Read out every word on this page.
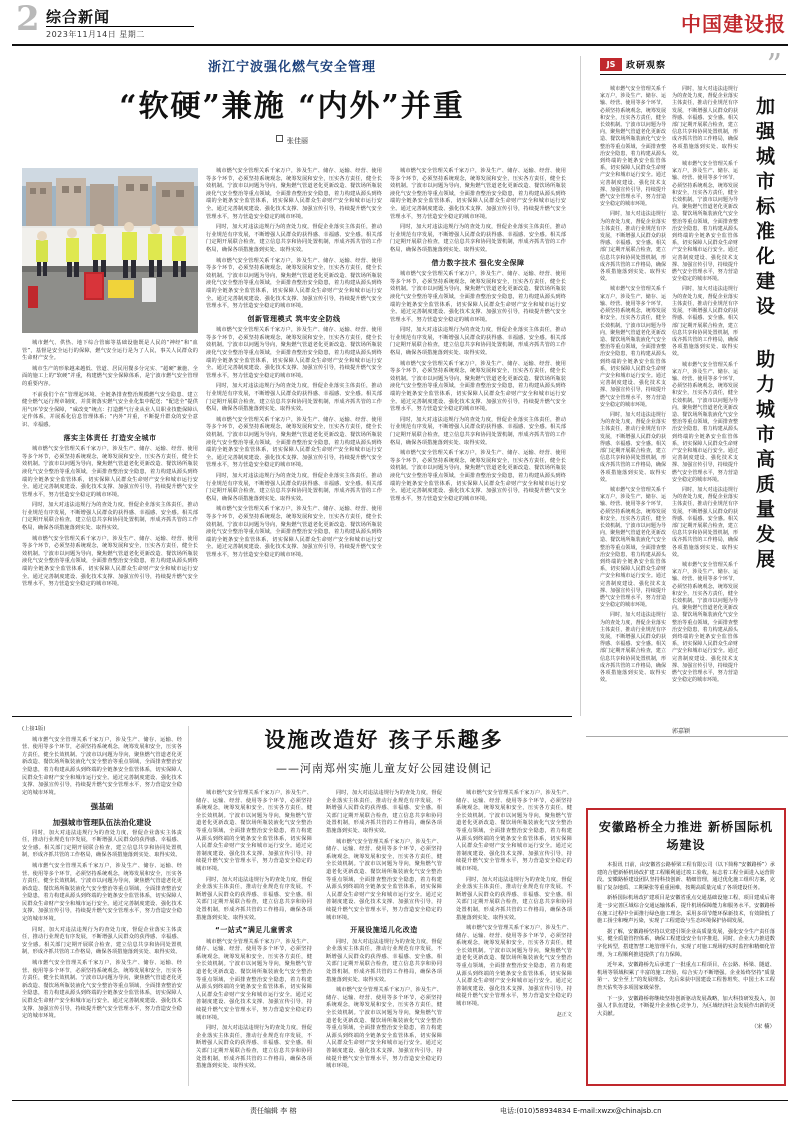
2 综合新闻
2023年11月14日 星期二	中国建设报
浙江宁波强化燃气安全管理
“软硬”兼施 “内外”并重
张佳丽

城市燃气、供热、地下综合管廊等基础设施既是人民的“神经”和“血管”，基督是安全运行的保障，燃气安全运行是为了人民，事关人民群众的生命财产安全。

城市生产的形象越来越低、管道、居民用餐多分完实、“超硬”兼施、全面的施工上的“软硬”并重，构建燃气安全保障体系，是宁波市燃气安全管理的重要内容。

不前我们个在“管理起环境、全链条排查整治规模燃气安全隐患、建立健全燃气运行规章制度，并贯彻落实燃气安全业化集中配送；“配送全”提供用气环节安全保障，“威改变”统点：打造燃气行业从业人员职业技能保障认定作体系，并展系化信息管理体系；“内外”并重，不断提升群众的安全意识、幸福感。

落实主体责任 打造安全城市

城市燃气安全管理关系千家万户，涉及生产、储存、运输、经营、使用等多个环节，必须坚持系统观念，统筹发展和安全，压实各方责任，健全长效机制。宁波市以问题为导向，聚焦燃气管道老化更新改造、餐饮场所瓶装液化气安全整治等重点领域，全面排查整治安全隐患，着力构建从源头到终端的全链条安全监管体系，切实保障人民群众生命财产安全和城市运行安全。通过完善制度建设、强化技术支撑、加强宣传引导，持续提升燃气安全管理水平，努力营造安全稳定的城市环境。

同时，加大对违法违规行为的查处力度，督促企业落实主体责任，推动行业规范有序发展，不断增强人民群众的获得感、幸福感、安全感。相关部门定期开展联合检查，建立信息共享和协同处置机制，形成齐抓共管的工作格局，确保各项措施落到实处、取得实效。

城市燃气安全管理关系千家万户，涉及生产、储存、运输、经营、使用等多个环节，必须坚持系统观念，统筹发展和安全，压实各方责任，健全长效机制。宁波市以问题为导向，聚焦燃气管道老化更新改造、餐饮场所瓶装液化气安全整治等重点领域，全面排查整治安全隐患，着力构建从源头到终端的全链条安全监管体系，切实保障人民群众生命财产安全和城市运行安全。通过完善制度建设、强化技术支撑、加强宣传引导，持续提升燃气安全管理水平，努力营造安全稳定的城市环境。

城市燃气安全管理关系千家万户，涉及生产、储存、运输、经营、使用等多个环节，必须坚持系统观念，统筹发展和安全，压实各方责任，健全长效机制。宁波市以问题为导向，聚焦燃气管道老化更新改造、餐饮场所瓶装液化气安全整治等重点领域，全面排查整治安全隐患，着力构建从源头到终端的全链条安全监管体系，切实保障人民群众生命财产安全和城市运行安全。通过完善制度建设、强化技术支撑、加强宣传引导，持续提升燃气安全管理水平，努力营造安全稳定的城市环境。

同时，加大对违法违规行为的查处力度，督促企业落实主体责任，推动行业规范有序发展，不断增强人民群众的获得感、幸福感、安全感。相关部门定期开展联合检查，建立信息共享和协同处置机制，形成齐抓共管的工作格局，确保各项措施落到实处、取得实效。

城市燃气安全管理关系千家万户，涉及生产、储存、运输、经营、使用等多个环节，必须坚持系统观念，统筹发展和安全，压实各方责任，健全长效机制。宁波市以问题为导向，聚焦燃气管道老化更新改造、餐饮场所瓶装液化气安全整治等重点领域，全面排查整治安全隐患，着力构建从源头到终端的全链条安全监管体系，切实保障人民群众生命财产安全和城市运行安全。通过完善制度建设、强化技术支撑、加强宣传引导，持续提升燃气安全管理水平，努力营造安全稳定的城市环境。

创新管理模式 筑牢安全防线

城市燃气安全管理关系千家万户，涉及生产、储存、运输、经营、使用等多个环节，必须坚持系统观念，统筹发展和安全，压实各方责任，健全长效机制。宁波市以问题为导向，聚焦燃气管道老化更新改造、餐饮场所瓶装液化气安全整治等重点领域，全面排查整治安全隐患，着力构建从源头到终端的全链条安全监管体系，切实保障人民群众生命财产安全和城市运行安全。通过完善制度建设、强化技术支撑、加强宣传引导，持续提升燃气安全管理水平，努力营造安全稳定的城市环境。

同时，加大对违法违规行为的查处力度，督促企业落实主体责任，推动行业规范有序发展，不断增强人民群众的获得感、幸福感、安全感。相关部门定期开展联合检查，建立信息共享和协同处置机制，形成齐抓共管的工作格局，确保各项措施落到实处、取得实效。

城市燃气安全管理关系千家万户，涉及生产、储存、运输、经营、使用等多个环节，必须坚持系统观念，统筹发展和安全，压实各方责任，健全长效机制。宁波市以问题为导向，聚焦燃气管道老化更新改造、餐饮场所瓶装液化气安全整治等重点领域，全面排查整治安全隐患，着力构建从源头到终端的全链条安全监管体系，切实保障人民群众生命财产安全和城市运行安全。通过完善制度建设、强化技术支撑、加强宣传引导，持续提升燃气安全管理水平，努力营造安全稳定的城市环境。

同时，加大对违法违规行为的查处力度，督促企业落实主体责任，推动行业规范有序发展，不断增强人民群众的获得感、幸福感、安全感。相关部门定期开展联合检查，建立信息共享和协同处置机制，形成齐抓共管的工作格局，确保各项措施落到实处、取得实效。

城市燃气安全管理关系千家万户，涉及生产、储存、运输、经营、使用等多个环节，必须坚持系统观念，统筹发展和安全，压实各方责任，健全长效机制。宁波市以问题为导向，聚焦燃气管道老化更新改造、餐饮场所瓶装液化气安全整治等重点领域，全面排查整治安全隐患，着力构建从源头到终端的全链条安全监管体系，切实保障人民群众生命财产安全和城市运行安全。通过完善制度建设、强化技术支撑、加强宣传引导，持续提升燃气安全管理水平，努力营造安全稳定的城市环境。

城市燃气安全管理关系千家万户，涉及生产、储存、运输、经营、使用等多个环节，必须坚持系统观念，统筹发展和安全，压实各方责任，健全长效机制。宁波市以问题为导向，聚焦燃气管道老化更新改造、餐饮场所瓶装液化气安全整治等重点领域，全面排查整治安全隐患，着力构建从源头到终端的全链条安全监管体系，切实保障人民群众生命财产安全和城市运行安全。通过完善制度建设、强化技术支撑、加强宣传引导，持续提升燃气安全管理水平，努力营造安全稳定的城市环境。

同时，加大对违法违规行为的查处力度，督促企业落实主体责任，推动行业规范有序发展，不断增强人民群众的获得感、幸福感、安全感。相关部门定期开展联合检查，建立信息共享和协同处置机制，形成齐抓共管的工作格局，确保各项措施落到实处、取得实效。

借力数字技术 强化安全保障

城市燃气安全管理关系千家万户，涉及生产、储存、运输、经营、使用等多个环节，必须坚持系统观念，统筹发展和安全，压实各方责任，健全长效机制。宁波市以问题为导向，聚焦燃气管道老化更新改造、餐饮场所瓶装液化气安全整治等重点领域，全面排查整治安全隐患，着力构建从源头到终端的全链条安全监管体系，切实保障人民群众生命财产安全和城市运行安全。通过完善制度建设、强化技术支撑、加强宣传引导，持续提升燃气安全管理水平，努力营造安全稳定的城市环境。

同时，加大对违法违规行为的查处力度，督促企业落实主体责任，推动行业规范有序发展，不断增强人民群众的获得感、幸福感、安全感。相关部门定期开展联合检查，建立信息共享和协同处置机制，形成齐抓共管的工作格局，确保各项措施落到实处、取得实效。

城市燃气安全管理关系千家万户，涉及生产、储存、运输、经营、使用等多个环节，必须坚持系统观念，统筹发展和安全，压实各方责任，健全长效机制。宁波市以问题为导向，聚焦燃气管道老化更新改造、餐饮场所瓶装液化气安全整治等重点领域，全面排查整治安全隐患，着力构建从源头到终端的全链条安全监管体系，切实保障人民群众生命财产安全和城市运行安全。通过完善制度建设、强化技术支撑、加强宣传引导，持续提升燃气安全管理水平，努力营造安全稳定的城市环境。

同时，加大对违法违规行为的查处力度，督促企业落实主体责任，推动行业规范有序发展，不断增强人民群众的获得感、幸福感、安全感。相关部门定期开展联合检查，建立信息共享和协同处置机制，形成齐抓共管的工作格局，确保各项措施落到实处、取得实效。

城市燃气安全管理关系千家万户，涉及生产、储存、运输、经营、使用等多个环节，必须坚持系统观念，统筹发展和安全，压实各方责任，健全长效机制。宁波市以问题为导向，聚焦燃气管道老化更新改造、餐饮场所瓶装液化气安全整治等重点领域，全面排查整治安全隐患，着力构建从源头到终端的全链条安全监管体系，切实保障人民群众生命财产安全和城市运行安全。通过完善制度建设、强化技术支撑、加强宣传引导，持续提升燃气安全管理水平，努力营造安全稳定的城市环境。

JS	政研观察	”
加强城市标准化建设 助力城市高质量发展

城市燃气安全管理关系千家万户，涉及生产、储存、运输、经营、使用等多个环节，必须坚持系统观念，统筹发展和安全，压实各方责任，健全长效机制。宁波市以问题为导向，聚焦燃气管道老化更新改造、餐饮场所瓶装液化气安全整治等重点领域，全面排查整治安全隐患，着力构建从源头到终端的全链条安全监管体系，切实保障人民群众生命财产安全和城市运行安全。通过完善制度建设、强化技术支撑、加强宣传引导，持续提升燃气安全管理水平，努力营造安全稳定的城市环境。

同时，加大对违法违规行为的查处力度，督促企业落实主体责任，推动行业规范有序发展，不断增强人民群众的获得感、幸福感、安全感。相关部门定期开展联合检查，建立信息共享和协同处置机制，形成齐抓共管的工作格局，确保各项措施落到实处、取得实效。

城市燃气安全管理关系千家万户，涉及生产、储存、运输、经营、使用等多个环节，必须坚持系统观念，统筹发展和安全，压实各方责任，健全长效机制。宁波市以问题为导向，聚焦燃气管道老化更新改造、餐饮场所瓶装液化气安全整治等重点领域，全面排查整治安全隐患，着力构建从源头到终端的全链条安全监管体系，切实保障人民群众生命财产安全和城市运行安全。通过完善制度建设、强化技术支撑、加强宣传引导，持续提升燃气安全管理水平，努力营造安全稳定的城市环境。

同时，加大对违法违规行为的查处力度，督促企业落实主体责任，推动行业规范有序发展，不断增强人民群众的获得感、幸福感、安全感。相关部门定期开展联合检查，建立信息共享和协同处置机制，形成齐抓共管的工作格局，确保各项措施落到实处、取得实效。

城市燃气安全管理关系千家万户，涉及生产、储存、运输、经营、使用等多个环节，必须坚持系统观念，统筹发展和安全，压实各方责任，健全长效机制。宁波市以问题为导向，聚焦燃气管道老化更新改造、餐饮场所瓶装液化气安全整治等重点领域，全面排查整治安全隐患，着力构建从源头到终端的全链条安全监管体系，切实保障人民群众生命财产安全和城市运行安全。通过完善制度建设、强化技术支撑、加强宣传引导，持续提升燃气安全管理水平，努力营造安全稳定的城市环境。

同时，加大对违法违规行为的查处力度，督促企业落实主体责任，推动行业规范有序发展，不断增强人民群众的获得感、幸福感、安全感。相关部门定期开展联合检查，建立信息共享和协同处置机制，形成齐抓共管的工作格局，确保各项措施落到实处、取得实效。

同时，加大对违法违规行为的查处力度，督促企业落实主体责任，推动行业规范有序发展，不断增强人民群众的获得感、幸福感、安全感。相关部门定期开展联合检查，建立信息共享和协同处置机制，形成齐抓共管的工作格局，确保各项措施落到实处、取得实效。

城市燃气安全管理关系千家万户，涉及生产、储存、运输、经营、使用等多个环节，必须坚持系统观念，统筹发展和安全，压实各方责任，健全长效机制。宁波市以问题为导向，聚焦燃气管道老化更新改造、餐饮场所瓶装液化气安全整治等重点领域，全面排查整治安全隐患，着力构建从源头到终端的全链条安全监管体系，切实保障人民群众生命财产安全和城市运行安全。通过完善制度建设、强化技术支撑、加强宣传引导，持续提升燃气安全管理水平，努力营造安全稳定的城市环境。

同时，加大对违法违规行为的查处力度，督促企业落实主体责任，推动行业规范有序发展，不断增强人民群众的获得感、幸福感、安全感。相关部门定期开展联合检查，建立信息共享和协同处置机制，形成齐抓共管的工作格局，确保各项措施落到实处、取得实效。

城市燃气安全管理关系千家万户，涉及生产、储存、运输、经营、使用等多个环节，必须坚持系统观念，统筹发展和安全，压实各方责任，健全长效机制。宁波市以问题为导向，聚焦燃气管道老化更新改造、餐饮场所瓶装液化气安全整治等重点领域，全面排查整治安全隐患，着力构建从源头到终端的全链条安全监管体系，切实保障人民群众生命财产安全和城市运行安全。通过完善制度建设、强化技术支撑、加强宣传引导，持续提升燃气安全管理水平，努力营造安全稳定的城市环境。

同时，加大对违法违规行为的查处力度，督促企业落实主体责任，推动行业规范有序发展，不断增强人民群众的获得感、幸福感、安全感。相关部门定期开展联合检查，建立信息共享和协同处置机制，形成齐抓共管的工作格局，确保各项措施落到实处、取得实效。

城市燃气安全管理关系千家万户，涉及生产、储存、运输、经营、使用等多个环节，必须坚持系统观念，统筹发展和安全，压实各方责任，健全长效机制。宁波市以问题为导向，聚焦燃气管道老化更新改造、餐饮场所瓶装液化气安全整治等重点领域，全面排查整治安全隐患，着力构建从源头到终端的全链条安全监管体系，切实保障人民群众生命财产安全和城市运行安全。通过完善制度建设、强化技术支撑、加强宣传引导，持续提升燃气安全管理水平，努力营造安全稳定的城市环境。

郭嘉颖

(上接1版)

城市燃气安全管理关系千家万户，涉及生产、储存、运输、经营、使用等多个环节，必须坚持系统观念，统筹发展和安全，压实各方责任，健全长效机制。宁波市以问题为导向，聚焦燃气管道老化更新改造、餐饮场所瓶装液化气安全整治等重点领域，全面排查整治安全隐患，着力构建从源头到终端的全链条安全监管体系，切实保障人民群众生命财产安全和城市运行安全。通过完善制度建设、强化技术支撑、加强宣传引导，持续提升燃气安全管理水平，努力营造安全稳定的城市环境。

强基础
加强城市管理队伍法治化建设

同时，加大对违法违规行为的查处力度，督促企业落实主体责任，推动行业规范有序发展，不断增强人民群众的获得感、幸福感、安全感。相关部门定期开展联合检查，建立信息共享和协同处置机制，形成齐抓共管的工作格局，确保各项措施落到实处、取得实效。

城市燃气安全管理关系千家万户，涉及生产、储存、运输、经营、使用等多个环节，必须坚持系统观念，统筹发展和安全，压实各方责任，健全长效机制。宁波市以问题为导向，聚焦燃气管道老化更新改造、餐饮场所瓶装液化气安全整治等重点领域，全面排查整治安全隐患，着力构建从源头到终端的全链条安全监管体系，切实保障人民群众生命财产安全和城市运行安全。通过完善制度建设、强化技术支撑、加强宣传引导，持续提升燃气安全管理水平，努力营造安全稳定的城市环境。

同时，加大对违法违规行为的查处力度，督促企业落实主体责任，推动行业规范有序发展，不断增强人民群众的获得感、幸福感、安全感。相关部门定期开展联合检查，建立信息共享和协同处置机制，形成齐抓共管的工作格局，确保各项措施落到实处、取得实效。

城市燃气安全管理关系千家万户，涉及生产、储存、运输、经营、使用等多个环节，必须坚持系统观念，统筹发展和安全，压实各方责任，健全长效机制。宁波市以问题为导向，聚焦燃气管道老化更新改造、餐饮场所瓶装液化气安全整治等重点领域，全面排查整治安全隐患，着力构建从源头到终端的全链条安全监管体系，切实保障人民群众生命财产安全和城市运行安全。通过完善制度建设、强化技术支撑、加强宣传引导，持续提升燃气安全管理水平，努力营造安全稳定的城市环境。

设施改造好 孩子乐趣多
——河南郑州实施儿童友好公园建设侧记

城市燃气安全管理关系千家万户，涉及生产、储存、运输、经营、使用等多个环节，必须坚持系统观念，统筹发展和安全，压实各方责任，健全长效机制。宁波市以问题为导向，聚焦燃气管道老化更新改造、餐饮场所瓶装液化气安全整治等重点领域，全面排查整治安全隐患，着力构建从源头到终端的全链条安全监管体系，切实保障人民群众生命财产安全和城市运行安全。通过完善制度建设、强化技术支撑、加强宣传引导，持续提升燃气安全管理水平，努力营造安全稳定的城市环境。

同时，加大对违法违规行为的查处力度，督促企业落实主体责任，推动行业规范有序发展，不断增强人民群众的获得感、幸福感、安全感。相关部门定期开展联合检查，建立信息共享和协同处置机制，形成齐抓共管的工作格局，确保各项措施落到实处、取得实效。

“一站式”满足儿童需求

城市燃气安全管理关系千家万户，涉及生产、储存、运输、经营、使用等多个环节，必须坚持系统观念，统筹发展和安全，压实各方责任，健全长效机制。宁波市以问题为导向，聚焦燃气管道老化更新改造、餐饮场所瓶装液化气安全整治等重点领域，全面排查整治安全隐患，着力构建从源头到终端的全链条安全监管体系，切实保障人民群众生命财产安全和城市运行安全。通过完善制度建设、强化技术支撑、加强宣传引导，持续提升燃气安全管理水平，努力营造安全稳定的城市环境。

同时，加大对违法违规行为的查处力度，督促企业落实主体责任，推动行业规范有序发展，不断增强人民群众的获得感、幸福感、安全感。相关部门定期开展联合检查，建立信息共享和协同处置机制，形成齐抓共管的工作格局，确保各项措施落到实处、取得实效。

同时，加大对违法违规行为的查处力度，督促企业落实主体责任，推动行业规范有序发展，不断增强人民群众的获得感、幸福感、安全感。相关部门定期开展联合检查，建立信息共享和协同处置机制，形成齐抓共管的工作格局，确保各项措施落到实处、取得实效。

城市燃气安全管理关系千家万户，涉及生产、储存、运输、经营、使用等多个环节，必须坚持系统观念，统筹发展和安全，压实各方责任，健全长效机制。宁波市以问题为导向，聚焦燃气管道老化更新改造、餐饮场所瓶装液化气安全整治等重点领域，全面排查整治安全隐患，着力构建从源头到终端的全链条安全监管体系，切实保障人民群众生命财产安全和城市运行安全。通过完善制度建设、强化技术支撑、加强宣传引导，持续提升燃气安全管理水平，努力营造安全稳定的城市环境。

开展设施适儿化改造

同时，加大对违法违规行为的查处力度，督促企业落实主体责任，推动行业规范有序发展，不断增强人民群众的获得感、幸福感、安全感。相关部门定期开展联合检查，建立信息共享和协同处置机制，形成齐抓共管的工作格局，确保各项措施落到实处、取得实效。

城市燃气安全管理关系千家万户，涉及生产、储存、运输、经营、使用等多个环节，必须坚持系统观念，统筹发展和安全，压实各方责任，健全长效机制。宁波市以问题为导向，聚焦燃气管道老化更新改造、餐饮场所瓶装液化气安全整治等重点领域，全面排查整治安全隐患，着力构建从源头到终端的全链条安全监管体系，切实保障人民群众生命财产安全和城市运行安全。通过完善制度建设、强化技术支撑、加强宣传引导，持续提升燃气安全管理水平，努力营造安全稳定的城市环境。

城市燃气安全管理关系千家万户，涉及生产、储存、运输、经营、使用等多个环节，必须坚持系统观念，统筹发展和安全，压实各方责任，健全长效机制。宁波市以问题为导向，聚焦燃气管道老化更新改造、餐饮场所瓶装液化气安全整治等重点领域，全面排查整治安全隐患，着力构建从源头到终端的全链条安全监管体系，切实保障人民群众生命财产安全和城市运行安全。通过完善制度建设、强化技术支撑、加强宣传引导，持续提升燃气安全管理水平，努力营造安全稳定的城市环境。

同时，加大对违法违规行为的查处力度，督促企业落实主体责任，推动行业规范有序发展，不断增强人民群众的获得感、幸福感、安全感。相关部门定期开展联合检查，建立信息共享和协同处置机制，形成齐抓共管的工作格局，确保各项措施落到实处、取得实效。

城市燃气安全管理关系千家万户，涉及生产、储存、运输、经营、使用等多个环节，必须坚持系统观念，统筹发展和安全，压实各方责任，健全长效机制。宁波市以问题为导向，聚焦燃气管道老化更新改造、餐饮场所瓶装液化气安全整治等重点领域，全面排查整治安全隐患，着力构建从源头到终端的全链条安全监管体系，切实保障人民群众生命财产安全和城市运行安全。通过完善制度建设、强化技术支撑、加强宣传引导，持续提升燃气安全管理水平，努力营造安全稳定的城市环境。

赵正文

安徽路桥全力推进 新桥国际机场建设

本报讯 日前，由安徽省公路桥梁工程有限公司（以下简称“安徽路桥”）承建的合肥新桥机场改扩建工程顺利通过竣工验收，标志着工程全面进入运营阶段。安徽路桥建设团队坚持科技创新、精细管理，通过优化施工组织方案，克服了复杂地质、工期紧张等重重困难，按期高质量完成了各项建设任务。

新桥国际机场改扩建项目是安徽省重点交通基础设施工程，项目建成后将进一步完善区域综合交通运输体系，提升机场保障能力和服务水平。安徽路桥在施工过程中全面推行绿色施工理念，采用多项节能环保新技术，有效降低了施工扬尘和噪声污染，实现了工程建设与生态环境保护协调发展。

据了解，安徽路桥坚持以党建引领企业高质量发展，强化安全生产责任落实，健全质量管控体系，确保工程建设安全有序推进。同时，企业大力推进数字化转型，搭建智慧工地管理平台，实现了对施工现场的实时监控和精细化管理，为工程顺利推进提供了有力保障。

近年来，安徽路桥先后承建了一批重点工程项目，在公路、桥梁、隧道、机场等领域积累了丰富的施工经验，综合实力不断增强。企业始终坚持“质量第一、安全至上”的发展理念，先后荣获中国建设工程鲁班奖、中国土木工程詹天佑奖等多项国家级荣誉。

下一步，安徽路桥将继续坚持创新驱动发展战略，加大科技研发投入，加强人才队伍建设，不断提升企业核心竞争力，为区域经济社会发展作出新的更大贡献。

（宋 楠）
责任编辑 李 榕	电话:(010)58934834 E-mail:xwzx@chinajsb.cn
